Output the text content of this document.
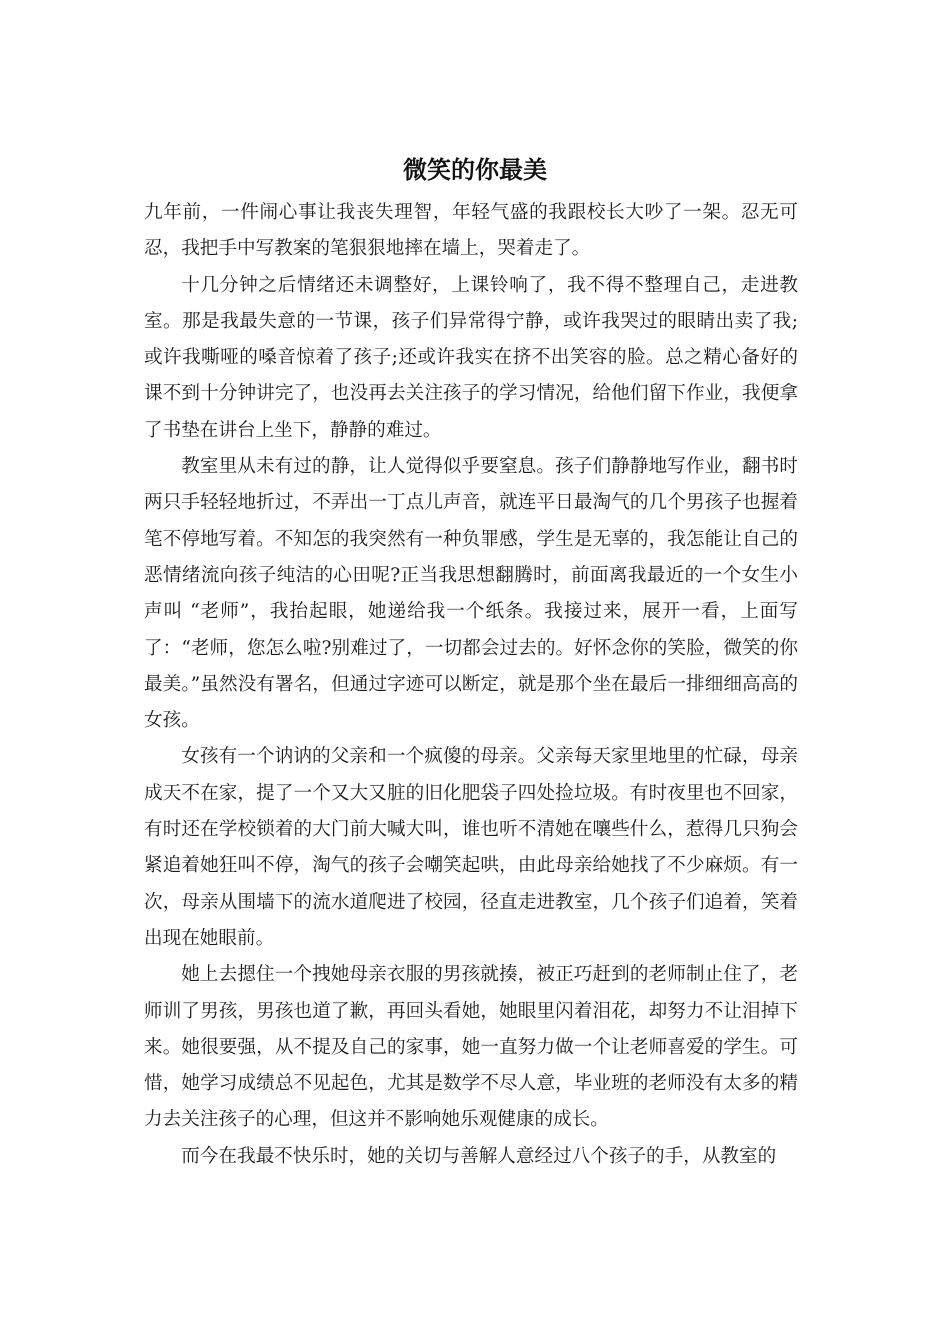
微笑的你最美

九年前，一件闹心事让我丧失理智，年轻气盛的我跟校长大吵了一架。忍无可忍，我把手中写教案的笔狠狠地摔在墙上，哭着走了。

十几分钟之后情绪还未调整好，上课铃响了，我不得不整理自己，走进教室。那是我最失意的一节课，孩子们异常得宁静，或许我哭过的眼睛出卖了我;或许我嘶哑的嗓音惊着了孩子;还或许我实在挤不出笑容的脸。总之精心备好的课不到十分钟讲完了，也没再去关注孩子的学习情况，给他们留下作业，我便拿了书垫在讲台上坐下，静静的难过。

教室里从未有过的静，让人觉得似乎要窒息。孩子们静静地写作业，翻书时两只手轻轻地折过，不弄出一丁点儿声音，就连平日最淘气的几个男孩子也握着笔不停地写着。不知怎的我突然有一种负罪感，学生是无辜的，我怎能让自己的恶情绪流向孩子纯洁的心田呢?正当我思想翻腾时，前面离我最近的一个女生小声叫 “老师”，我抬起眼，她递给我一个纸条。我接过来，展开一看，上面写了：“老师，您怎么啦?别难过了，一切都会过去的。好怀念你的笑脸，微笑的你最美。”虽然没有署名，但通过字迹可以断定，就是那个坐在最后一排细细高高的女孩。

女孩有一个讷讷的父亲和一个疯傻的母亲。父亲每天家里地里的忙碌，母亲成天不在家，提了一个又大又脏的旧化肥袋子四处捡垃圾。有时夜里也不回家，有时还在学校锁着的大门前大喊大叫，谁也听不清她在嚷些什么，惹得几只狗会紧追着她狂叫不停，淘气的孩子会嘲笑起哄，由此母亲给她找了不少麻烦。有一次，母亲从围墙下的流水道爬进了校园，径直走进教室，几个孩子们追着，笑着出现在她眼前。

她上去摁住一个拽她母亲衣服的男孩就揍，被正巧赶到的老师制止住了，老师训了男孩，男孩也道了歉，再回头看她，她眼里闪着泪花，却努力不让泪掉下来。她很要强，从不提及自己的家事，她一直努力做一个让老师喜爱的学生。可惜，她学习成绩总不见起色，尤其是数学不尽人意，毕业班的老师没有太多的精力去关注孩子的心理，但这并不影响她乐观健康的成长。

而今在我最不快乐时，她的关切与善解人意经过八个孩子的手，从教室的
